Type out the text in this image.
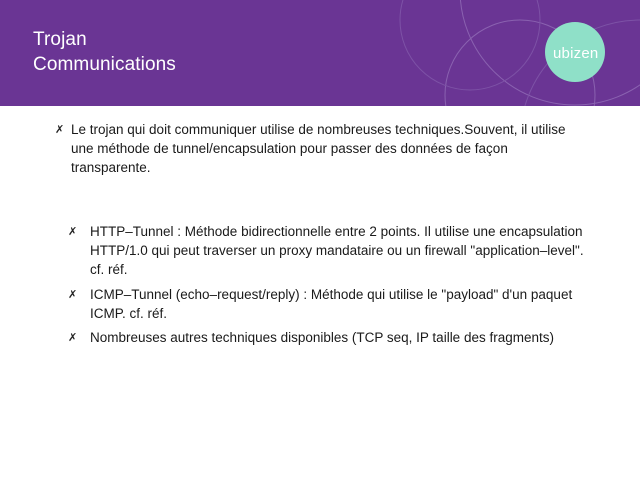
Trojan
Communications
ubizen
✗ Le trojan qui doit communiquer utilise de nombreuses techniques.Souvent, il utilise une méthode de tunnel/encapsulation pour passer des données de façon transparente.

✗ HTTP–Tunnel : Méthode bidirectionnelle entre 2 points. Il utilise une encapsulation HTTP/1.0 qui peut traverser un proxy mandataire ou un firewall "application–level". cf. réf.

✗ ICMP–Tunnel (echo–request/reply) : Méthode qui utilise le "payload" d'un paquet ICMP. cf. réf.

✗ Nombreuses autres techniques disponibles (TCP seq, IP taille des fragments)
